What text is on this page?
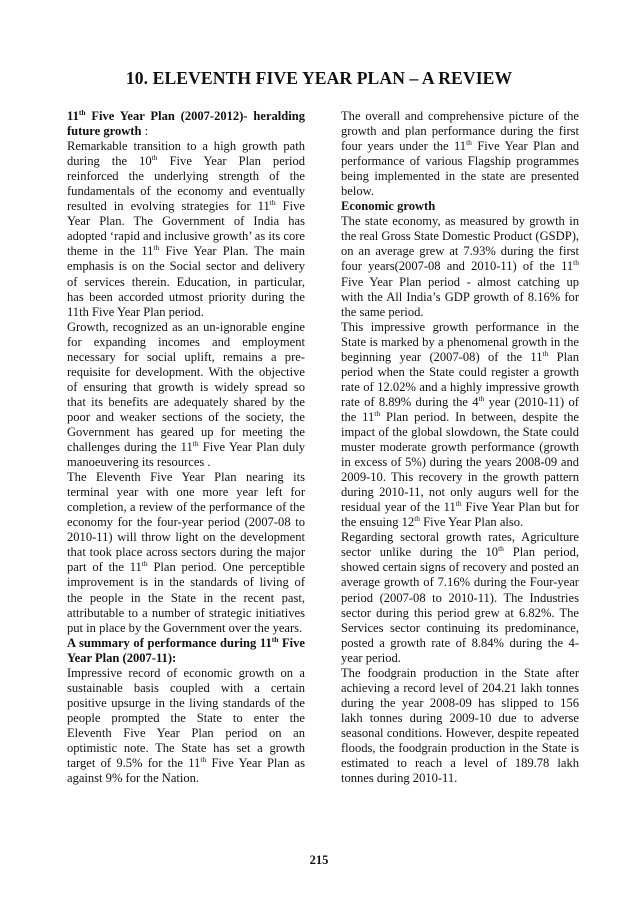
10. ELEVENTH FIVE YEAR PLAN – A REVIEW

11th Five Year Plan (2007-2012)- heralding future growth :

Remarkable transition to a high growth path during the 10th Five Year Plan period reinforced the underlying strength of the fundamentals of the economy and eventually resulted in evolving strategies for 11th Five Year Plan. The Government of India has adopted ‘rapid and inclusive growth’ as its core theme in the 11th Five Year Plan. The main emphasis is on the Social sector and delivery of services therein. Education, in particular, has been accorded utmost priority during the 11th Five Year Plan period.

Growth, recognized as an un-ignorable engine for expanding incomes and employment necessary for social uplift, remains a pre-requisite for development. With the objective of ensuring that growth is widely spread so that its benefits are adequately shared by the poor and weaker sections of the society, the Government has geared up for meeting the challenges during the 11th Five Year Plan duly manoeuvering its resources .

The Eleventh Five Year Plan nearing its terminal year with one more year left for completion, a review of the performance of the economy for the four-year period (2007-08 to 2010-11) will throw light on the development that took place across sectors during the major part of the 11th Plan period. One perceptible improvement is in the standards of living of the people in the State in the recent past, attributable to a number of strategic initiatives put in place by the Government over the years.

A summary of performance during 11th Five Year Plan (2007-11):

Impressive record of economic growth on a sustainable basis coupled with a certain positive upsurge in the living standards of the people prompted the State to enter the Eleventh Five Year Plan period on an optimistic note. The State has set a growth target of 9.5% for the 11th Five Year Plan as against 9% for the Nation.

The overall and comprehensive picture of the growth and plan performance during the first four years under the 11th Five Year Plan and performance of various Flagship programmes being implemented in the state are presented below.

Economic growth

The state economy, as measured by growth in the real Gross State Domestic Product (GSDP), on an average grew at 7.93% during the first four years(2007-08 and 2010-11) of the 11th Five Year Plan period - almost catching up with the All India’s GDP growth of 8.16% for the same period.

This impressive growth performance in the State is marked by a phenomenal growth in the beginning year (2007-08) of the 11th Plan period when the State could register a growth rate of 12.02% and a highly impressive growth rate of 8.89% during the 4th year (2010-11) of the 11th Plan period. In between, despite the impact of the global slowdown, the State could muster moderate growth performance (growth in excess of 5%) during the years 2008-09 and 2009-10. This recovery in the growth pattern during 2010-11, not only augurs well for the residual year of the 11th Five Year Plan but for the ensuing 12th Five Year Plan also.

Regarding sectoral growth rates, Agriculture sector unlike during the 10th Plan period, showed certain signs of recovery and posted an average growth of 7.16% during the Four-year period (2007-08 to 2010-11). The Industries sector during this period grew at 6.82%. The Services sector continuing its predominance, posted a growth rate of 8.84% during the 4-year period.

The foodgrain production in the State after achieving a record level of 204.21 lakh tonnes during the year 2008-09 has slipped to 156 lakh tonnes during 2009-10 due to adverse seasonal conditions. However, despite repeated floods, the foodgrain production in the State is estimated to reach a level of 189.78 lakh tonnes during 2010-11.

215
